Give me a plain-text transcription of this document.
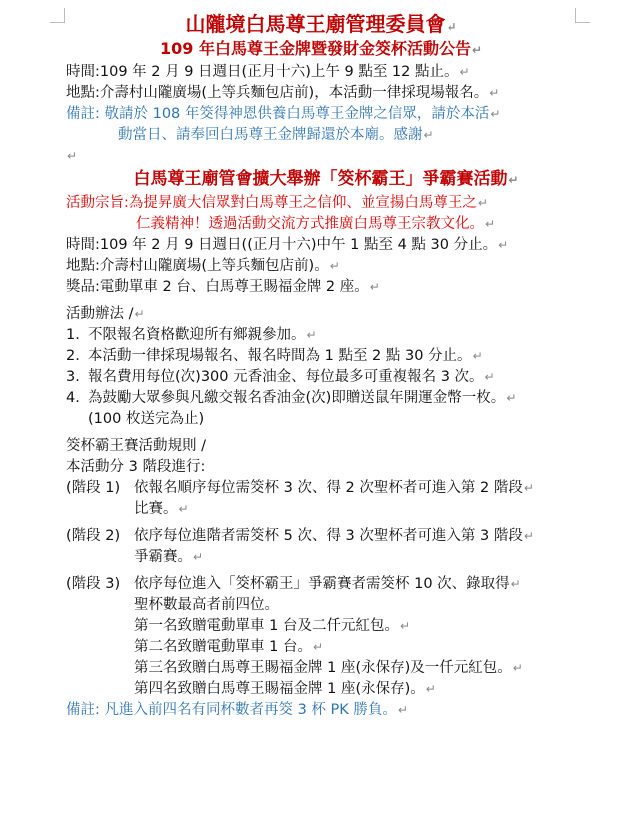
山隴境白馬尊王廟管理委員會↵
109 年白馬尊王金牌暨發財金筊杯活動公告↵
時間:109 年 2 月 9 日週日(正月十六)上午 9 點至 12 點止。↵
地點:介壽村山隴廣場(上等兵麵包店前)，本活動一律採現場報名。↵
備註: 敬請於 108 年筊得神恩供養白馬尊王金牌之信眾，請於本活↵
動當日、請奉回白馬尊王金牌歸還於本廟。感謝↵
↵
白馬尊王廟管會擴大舉辦「筊杯霸王」爭霸賽活動↵
活動宗旨:為提昇廣大信眾對白馬尊王之信仰、並宣揚白馬尊王之↵
仁義精神！透過活動交流方式推廣白馬尊王宗教文化。↵
時間:109 年 2 月 9 日週日((正月十六)中午 1 點至 4 點 30 分止。↵
地點:介壽村山隴廣場(上等兵麵包店前)。↵
獎品:電動單車 2 台、白馬尊王賜福金牌 2 座。↵
活動辦法 /↵
1. 不限報名資格歡迎所有鄉親參加。 ↵
2. 本活動一律採現場報名、報名時間為 1 點至 2 點 30 分止。 ↵
3. 報名費用每位(次)300 元香油金、每位最多可重複報名 3 次。 ↵
4. 為鼓勵大眾參與凡繳交報名香油金(次)即贈送鼠年開運金幣一枚。 ↵
(100 枚送完為止)
筊杯霸王賽活動規則 /
本活動分 3 階段進行:
(階段 1) 依報名順序每位需筊杯 3 次、得 2 次聖杯者可進入第 2 階段 ↵
比賽。↵
(階段 2) 依序每位進階者需筊杯 5 次、得 3 次聖杯者可進入第 3 階段 ↵
爭霸賽。↵
(階段 3) 依序每位進入「筊杯霸王」爭霸賽者需筊杯 10 次、錄取得 ↵
聖杯數最高者前四位。
第一名致贈電動單車 1 台及二仟元紅包。↵
第二名致贈電動單車 1 台。↵
第三名致贈白馬尊王賜福金牌 1 座(永保存)及一仟元紅包。↵
第四名致贈白馬尊王賜福金牌 1 座(永保存)。↵
備註: 凡進入前四名有同杯數者再筊 3 杯 PK 勝負。↵
